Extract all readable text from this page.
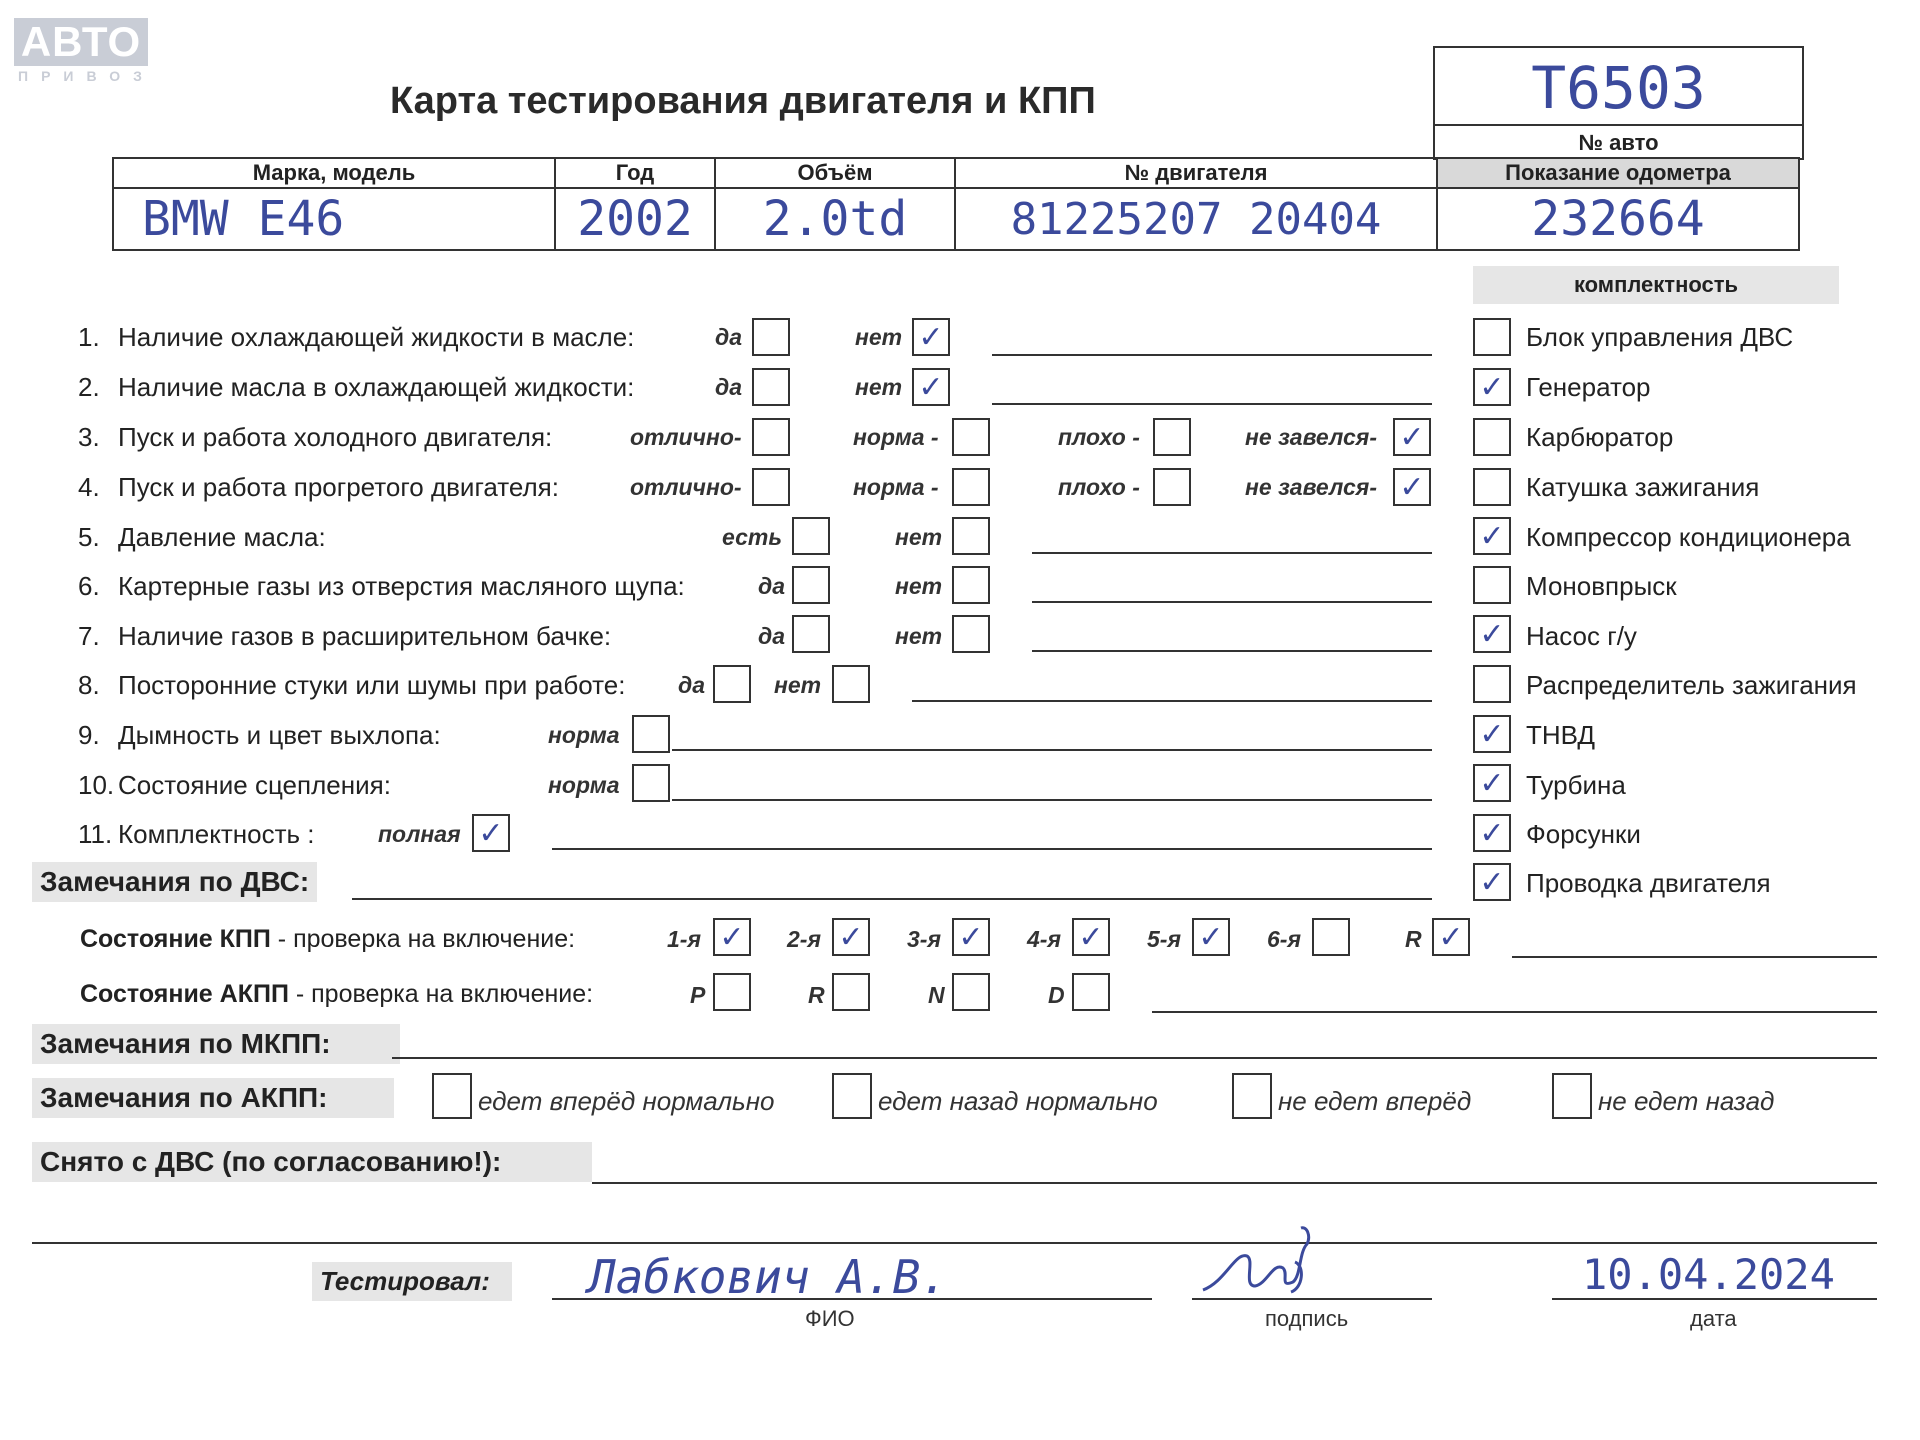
АВТО
ПРИВОЗ
Карта тестирования двигателя и КПП	T6503
№ авто
Марка, модель	Год	Объём	№ двигателя	Показание одометра
BMW E46	2002	2.0td	81225207 20404	232664
комплектность
1. Наличие охлаждающей жидкости в масле:	да	нет ✓
2. Наличие масла в охлаждающей жидкости:	да	нет ✓
3. Пуск и работа холодного двигателя:	отлично-	норма -	плохо -	не завелся- ✓
4. Пуск и работа прогретого двигателя:	отлично-	норма -	плохо -	не завелся- ✓
5. Давление масла:	есть	нет
6. Картерные газы из отверстия масляного щупа:	да	нет
7. Наличие газов в расширительном бачке:	да	нет
8. Посторонние стуки или шумы при работе: да	нет
9. Дымность и цвет выхлопа:	норма
10. Состояние сцепления:	норма
11. Комплектность :	полная ✓
Блок управления ДВС
✓ Генератор
Карбюратор
Катушка зажигания
✓ Компрессор кондиционера
Моновпрыск
✓ Насос г/у
Распределитель зажигания
✓ ТНВД
✓ Турбина
✓ Форсунки
✓ Проводка двигателя
Замечания по ДВС:
Состояние КПП - проверка на включение:	1-я ✓ 2-я ✓ 3-я ✓ 4-я ✓ 5-я ✓ 6-я	R ✓
Состояние АКПП - проверка на включение:	P	R	N	D
Замечания по МКПП:
Замечания по АКПП:	едет вперёд нормально	едет назад нормально	не едет вперёд	не едет назад
Снято с ДВС (по согласованию!):
Тестировал:	Лабкович А.В.
ФИО	подпись
10.04.2024
дата
